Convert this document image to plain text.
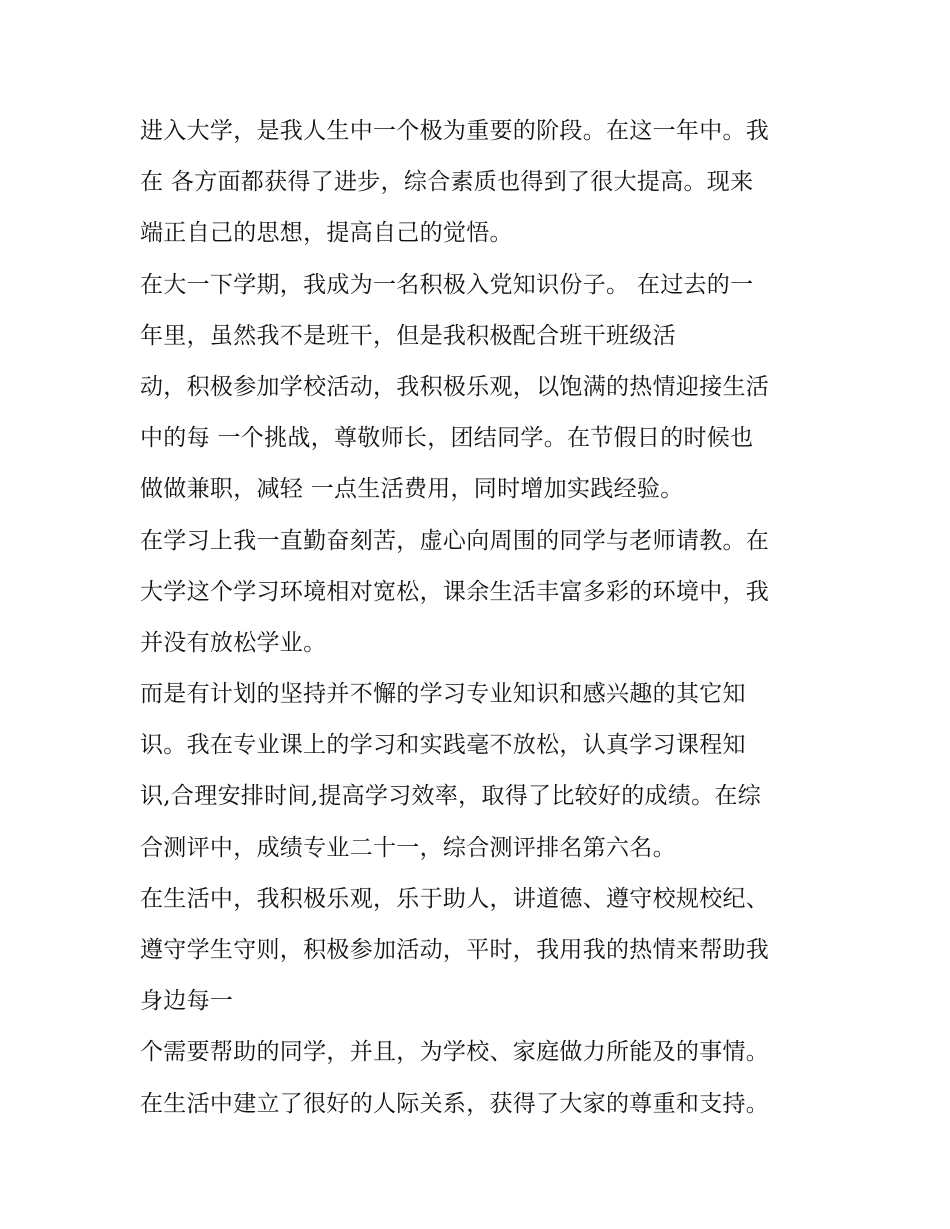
进入大学，是我人生中一个极为重要的阶段。在这一年中。我
在 各方面都获得了进步，综合素质也得到了很大提高。现来
端正自己的思想，提高自己的觉悟。
在大一下学期，我成为一名积极入党知识份子。 在过去的一
年里，虽然我不是班干，但是我积极配合班干班级活
动，积极参加学校活动，我积极乐观，以饱满的热情迎接生活
中的每 一个挑战，尊敬师长，团结同学。在节假日的时候也
做做兼职，减轻 一点生活费用，同时增加实践经验。
在学习上我一直勤奋刻苦，虚心向周围的同学与老师请教。在
大学这个学习环境相对宽松，课余生活丰富多彩的环境中，我
并没有放松学业。
而是有计划的坚持并不懈的学习专业知识和感兴趣的其它知
识。我在专业课上的学习和实践毫不放松，认真学习课程知
识,合理安排时间,提高学习效率，取得了比较好的成绩。在综
合测评中，成绩专业二十一，综合测评排名第六名。
在生活中，我积极乐观，乐于助人，讲道德、遵守校规校纪、
遵守学生守则，积极参加活动，平时，我用我的热情来帮助我
身边每一
个需要帮助的同学，并且，为学校、家庭做力所能及的事情。
在生活中建立了很好的人际关系，获得了大家的尊重和支持。
